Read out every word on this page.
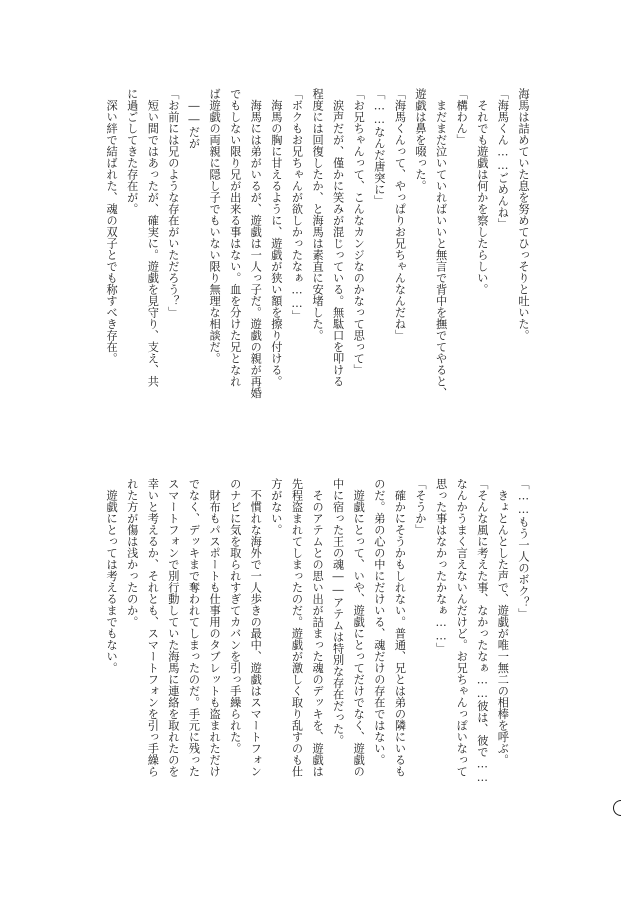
海馬は詰めていた息を努めてひっそりと吐いた。
「海馬くん……ごめんね」
　それでも遊戯は何かを察したらしい。
「構わん」
　まだまだ泣いていればいいと無言で背中を撫でてやると、
遊戯は鼻を啜った。
「海馬くんって、やっぱりお兄ちゃんなんだね」
「……なんだ唐突に」
「お兄ちゃんって、こんなカンジなのかなって思って」
　涙声だが、僅かに笑みが混じっている。無駄口を叩ける
程度には回復したか、と海馬は素直に安堵した。
「ボクもお兄ちゃんが欲しかったなぁ……」
　海馬の胸に甘えるように、遊戯が狭い額を擦り付ける。
　海馬には弟がいるが、遊戯は一人っ子だ。遊戯の親が再婚
でもしない限り兄が出来る事はない。血を分けた兄となれ
ば遊戯の両親に隠し子でもいない限り無理な相談だ。
　――だが
「お前には兄のような存在がいただろう？」
　短い間ではあったが、確実に。遊戯を見守り、支え、共
に過ごしてきた存在が。
　深い絆で結ばれた、魂の双子とでも称すべき存在。
「……もう一人のボク？」
　きょとんとした声で、遊戯が唯一無二の相棒を呼ぶ。
「そんな風に考えた事、なかったなぁ……彼は、彼で……
なんかうまく言えないんだけど。お兄ちゃんっぽいなって
思った事はなかったかなぁ……」
「そうか」
　確かにそうかもしれない。普通、兄とは弟の隣にいるも
のだ。弟の心の中にだけいる、魂だけの存在ではない。
　遊戯にとって、いや、遊戯にとってだけでなく、遊戯の
中に宿った王の魂――アテムは特別な存在だった。
　そのアテムとの思い出が詰まった魂のデッキを、遊戯は
先程盗まれてしまったのだ。遊戯が激しく取り乱すのも仕
方がない。
　不慣れな海外で一人歩きの最中、遊戯はスマートフォン
のナビに気を取られすぎてカバンを引っ手繰られた。
　財布もパスポートも仕事用のタブレットも盗まれただけ
でなく、デッキまで奪われてしまったのだ。手元に残った
スマートフォンで別行動していた海馬に連絡を取れたのを
幸いと考えるか、それとも、スマートフォンを引っ手繰ら
れた方が傷は浅かったのか。
　遊戯にとっては考えるまでもない。
